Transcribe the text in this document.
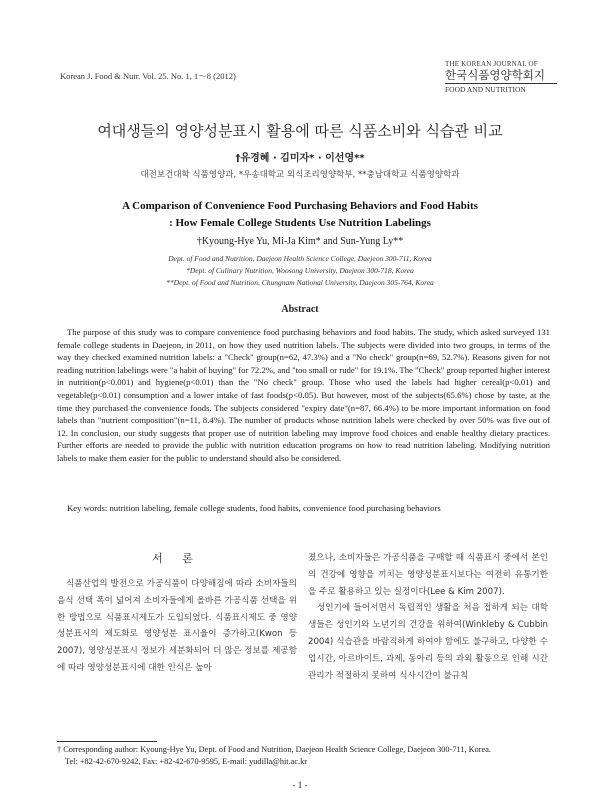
Korean J. Food & Nutr. Vol. 25. No. 1, 1～8 (2012)
THE KOREAN JOURNAL OF
한국식품영양학회지
FOOD AND NUTRITION
여대생들의 영양성분표시 활용에 따른 식품소비와 식습관 비교
†유경혜 · 김미자* · 이선영**
대전보건대학 식품영양과, *우송대학교 외식조리영양학부, **충남대학교 식품영양학과
A Comparison of Convenience Food Purchasing Behaviors and Food Habits
: How Female College Students Use Nutrition Labelings
†Kyoung-Hye Yu, Mi-Ja Kim* and Sun-Yung Ly**
Dept. of Food and Nutrition, Daejeon Health Science College, Daejeon 300-711, Korea
*Dept. of Culinary Nutrition, Woosong University, Daejeon 300-718, Korea
**Dept. of Food and Nutrition, Chungnam National University, Daejeon 305-764, Korea
Abstract
The purpose of this study was to compare convenience food purchasing behaviors and food habits. The study, which asked surveyed 131 female college students in Daejeon, in 2011, on how they used nutrition labels. The subjects were divided into two groups, in terms of the way they checked examined nutrition labels: a "Check" group(n=62, 47.3%) and a "No check" group(n=69, 52.7%). Reasons given for not reading nutrition labelings were "a habit of buying" for 72.2%, and "too small or rude" for 19.1%. The "Check" group reported higher interest in nutrition(p<0.001) and hygiene(p<0.01) than the "No check" group. Those who used the labels had higher cereal(p<0.01) and vegetable(p<0.01) consumption and a lower intake of fast foods(p<0.05). But however, most of the subjects(65.6%) chose by taste, at the time they purchased the convenience foods. The subjects considered "expiry date"(n=87, 66.4%) to be more important information on food labels than "nutrient composition"(n=11, 8.4%). The number of products whose nutrition labels were checked by over 50% was five out of 12. In conclusion, our study suggests that proper use of nutrition labeling may improve food choices and enable healthy dietary practices. Further efforts are needed to provide the public with nutrition education programs on how to read nutrition labeling. Modifying nutrition labels to make them easier for the public to understand should also be considered.
Key words: nutrition labeling, female college students, food habits, convenience food purchasing behaviors
서 론
식품산업의 발전으로 가공식품이 다양해짐에 따라 소비자들의 음식 선택 폭이 넓어져 소비자들에게 올바른 가공식품 선택을 위한 방법으로 식품표시제도가 도입되었다. 식품표시제도 중 영양성분표시의 제도화로 영양성분 표시율이 증가하고(Kwon 등 2007), 영양성분표시 정보가 세분화되어 더 많은 정보를 제공함에 따라 영양성분표시에 대한 인식은 높아

졌으나, 소비자들은 가공식품을 구매할 때 식품표시 중에서 본인의 건강에 영향을 끼치는 영양성분표시보다는 여전히 유통기한을 주로 활용하고 있는 실정이다(Lee & Kim 2007).

성인기에 들어서면서 독립적인 생활을 처음 접하게 되는 대학생들은 성인기와 노년기의 건강을 위하여(Winkleby & Cubbin 2004) 식습관을 바람직하게 하여야 함에도 불구하고, 다양한 수업시간, 아르바이트, 과제, 동아리 등의 과외 활동으로 인해 시간관리가 적절하지 못하여 식사시간이 불규칙

† Corresponding author: Kyoung-Hye Yu, Dept. of Food and Nutrition, Daejeon Health Science College, Daejeon 300-711, Korea.
Tel: +82-42-670-9242, Fax: +82-42-670-9595, E-mail: yudilla@hit.ac.kr
- 1 -
